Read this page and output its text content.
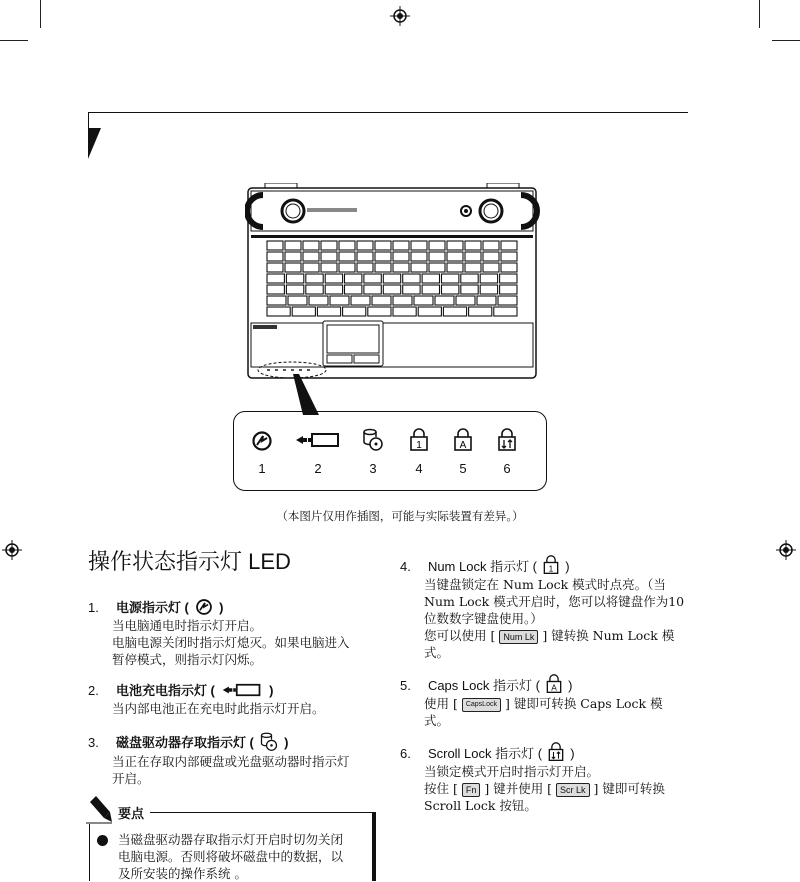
1	A
1	2	3	4	5	6
（本图片仅用作插图，可能与实际装置有差异。）
操作状态指示灯 LED
1. 电源指示灯 ( )
当电脑通电时指示灯开启。
电脑电源关闭时指示灯熄灭。如果电脑进入
暂停模式，则指示灯闪烁。
2. 电池充电指示灯 (	)
当内部电池正在充电时此指示灯开启。
3. 磁盘驱动器存取指示灯 ( )
当正在存取内部硬盘或光盘驱动器时指示灯
开启。
要点
当磁盘驱动器存取指示灯开启时切勿关闭
电脑电源。否则将破坏磁盘中的数据，以
及所安装的操作系统 。
4. Num Lock 指示灯 ( 1 )
当键盘锁定在 Num Lock 模式时点亮。（当
Num Lock 模式开启时，您可以将键盘作为10
位数数字键盘使用。）
您可以使用 [ Num Lk ] 键转换 Num Lock 模
式。
5. Caps Lock 指示灯 ( A )
使用 [ CapsLock ] 键即可转换 Caps Lock 模
式。
6. Scroll Lock 指示灯 ( )
当锁定模式开启时指示灯开启。
按住 [ Fn ] 键并使用 [ Scr Lk ] 键即可转换
Scroll Lock 按钮。
